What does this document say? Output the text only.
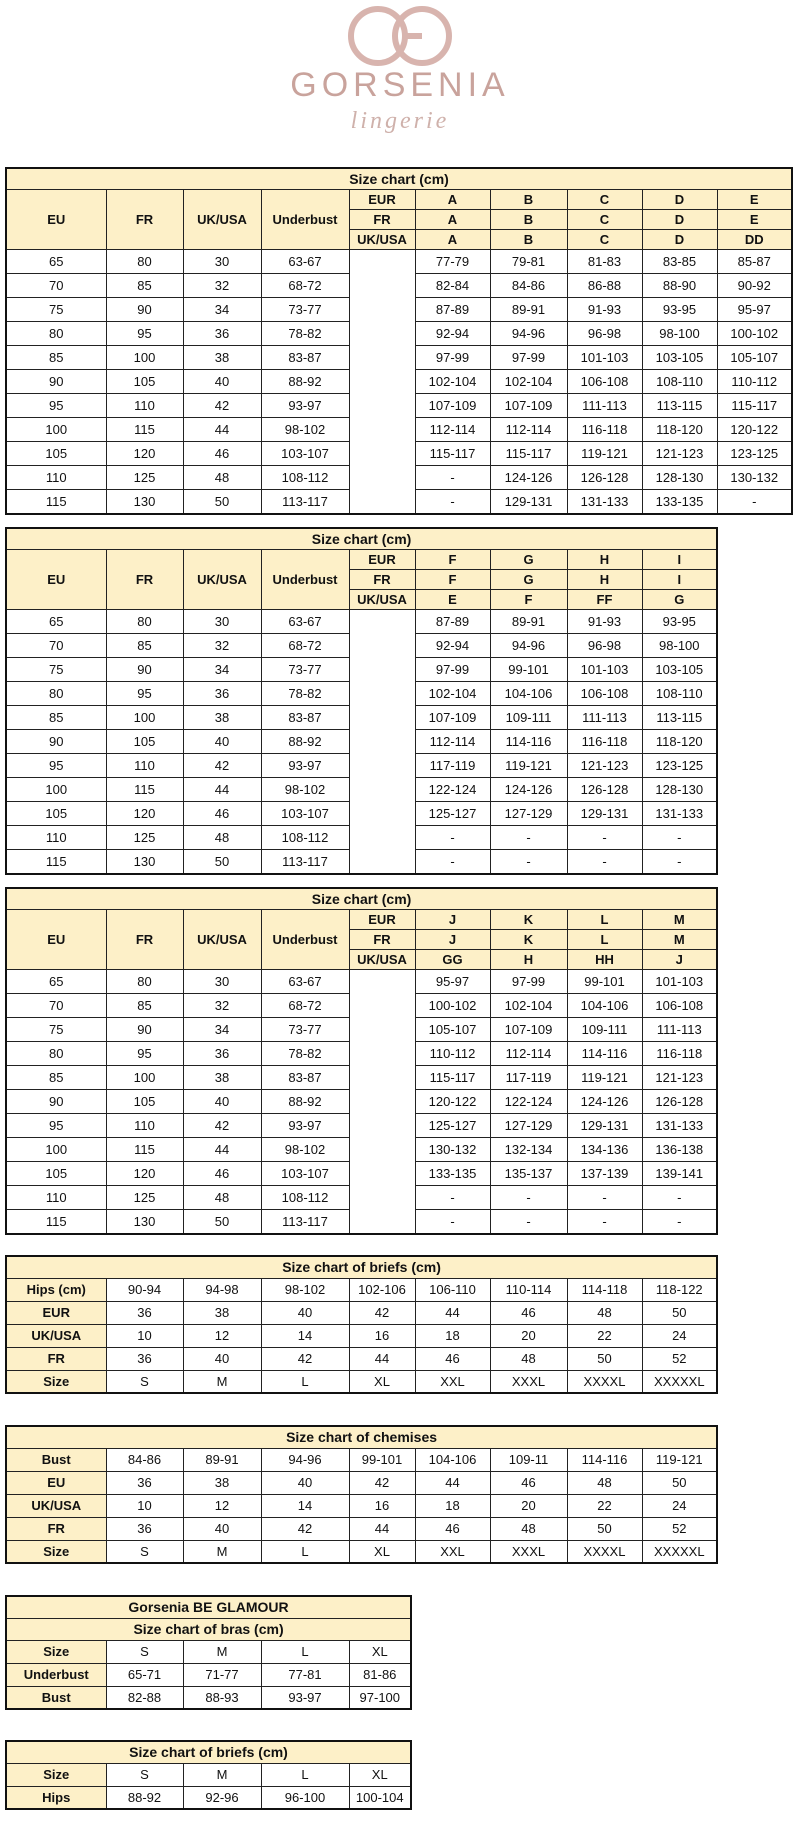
GORSENIA
lingerie
Size chart (cm)									
EU	FR	UK/USA	Underbust	EUR	A	B	C	D	E
				FR	A	B	C	D	E
				UK/USA	A	B	C	D	DD
65	80	30	63-67		77-79	79-81	81-83	83-85	85-87
70	85	32	68-72		82-84	84-86	86-88	88-90	90-92
75	90	34	73-77		87-89	89-91	91-93	93-95	95-97
80	95	36	78-82		92-94	94-96	96-98	98-100	100-102
85	100	38	83-87		97-99	97-99	101-103	103-105	105-107
90	105	40	88-92		102-104	102-104	106-108	108-110	110-112
95	110	42	93-97		107-109	107-109	111-113	113-115	115-117
100	115	44	98-102		112-114	112-114	116-118	118-120	120-122
105	120	46	103-107		115-117	115-117	119-121	121-123	123-125
110	125	48	108-112		-	124-126	126-128	128-130	130-132
115	130	50	113-117		-	129-131	131-133	133-135	-
Size chart (cm)								
EU	FR	UK/USA	Underbust	EUR	F	G	H	I
				FR	F	G	H	I
				UK/USA	E	F	FF	G
65	80	30	63-67		87-89	89-91	91-93	93-95
70	85	32	68-72		92-94	94-96	96-98	98-100
75	90	34	73-77		97-99	99-101	101-103	103-105
80	95	36	78-82		102-104	104-106	106-108	108-110
85	100	38	83-87		107-109	109-111	111-113	113-115
90	105	40	88-92		112-114	114-116	116-118	118-120
95	110	42	93-97		117-119	119-121	121-123	123-125
100	115	44	98-102		122-124	124-126	126-128	128-130
105	120	46	103-107		125-127	127-129	129-131	131-133
110	125	48	108-112		-	-	-	-
115	130	50	113-117		-	-	-	-
Size chart (cm)								
EU	FR	UK/USA	Underbust	EUR	J	K	L	M
				FR	J	K	L	M
				UK/USA	GG	H	HH	J
65	80	30	63-67		95-97	97-99	99-101	101-103
70	85	32	68-72		100-102	102-104	104-106	106-108
75	90	34	73-77		105-107	107-109	109-111	111-113
80	95	36	78-82		110-112	112-114	114-116	116-118
85	100	38	83-87		115-117	117-119	119-121	121-123
90	105	40	88-92		120-122	122-124	124-126	126-128
95	110	42	93-97		125-127	127-129	129-131	131-133
100	115	44	98-102		130-132	132-134	134-136	136-138
105	120	46	103-107		133-135	135-137	137-139	139-141
110	125	48	108-112		-	-	-	-
115	130	50	113-117		-	-	-	-
Size chart of briefs (cm)								
Hips (cm)	90-94	94-98	98-102	102-106	106-110	110-114	114-118	118-122
EUR	36	38	40	42	44	46	48	50
UK/USA	10	12	14	16	18	20	22	24
FR	36	40	42	44	46	48	50	52
Size	S	M	L	XL	XXL	XXXL	XXXXL	XXXXXL
Size chart of chemises								
Bust	84-86	89-91	94-96	99-101	104-106	109-11	114-116	119-121
EU	36	38	40	42	44	46	48	50
UK/USA	10	12	14	16	18	20	22	24
FR	36	40	42	44	46	48	50	52
Size	S	M	L	XL	XXL	XXXL	XXXXL	XXXXXL
Gorsenia BE GLAMOUR				
Size chart of bras (cm)				
Size	S	M	L	XL
Underbust	65-71	71-77	77-81	81-86
Bust	82-88	88-93	93-97	97-100
Size chart of briefs (cm)				
Size	S	M	L	XL
Hips	88-92	92-96	96-100	100-104
